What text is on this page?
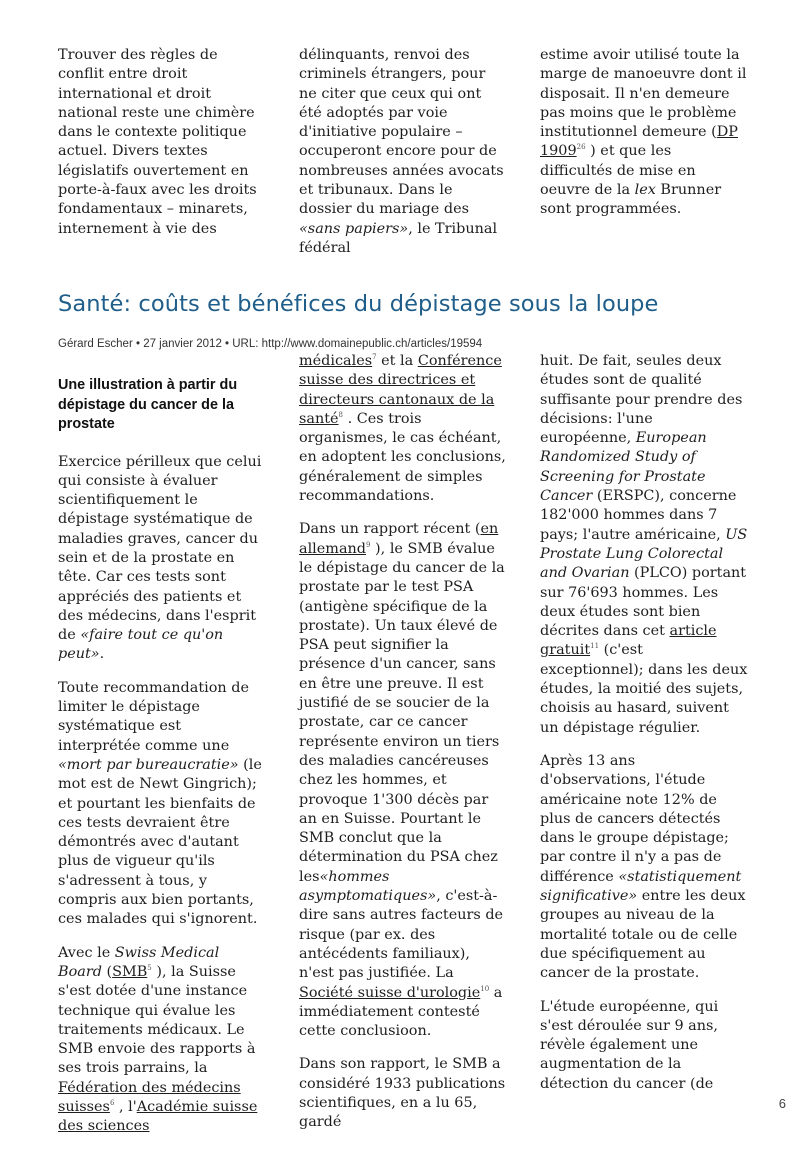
Trouver des règles de conflit entre droit international et droit national reste une chimère dans le contexte politique actuel. Divers textes législatifs ouvertement en porte-à-faux avec les droits fondamentaux – minarets, internement à vie des

délinquants, renvoi des criminels étrangers, pour ne citer que ceux qui ont été adoptés par voie d'initiative populaire – occuperont encore pour de nombreuses années avocats et tribunaux. Dans le dossier du mariage des «sans papiers», le Tribunal fédéral

estime avoir utilisé toute la marge de manoeuvre dont il disposait. Il n'en demeure pas moins que le problème institutionnel demeure (DP 1909$^{26}$ ) et que les difficultés de mise en oeuvre de la lex Brunner sont programmées.

Santé: coûts et bénéfices du dépistage sous la loupe

Gérard Escher • 27 janvier 2012 • URL: http://www.domainepublic.ch/articles/19594

Une illustration à partir du dépistage du cancer de la prostate

Exercice périlleux que celui qui consiste à évaluer scientifiquement le dépistage systématique de maladies graves, cancer du sein et de la prostate en tête. Car ces tests sont appréciés des patients et des médecins, dans l'esprit de «faire tout ce qu'on peut».

Toute recommandation de limiter le dépistage systématique est interprétée comme une «mort par bureaucratie» (le mot est de Newt Gingrich); et pourtant les bienfaits de ces tests devraient être démontrés avec d'autant plus de vigueur qu'ils s'adressent à tous, y compris aux bien portants, ces malades qui s'ignorent.

Avec le Swiss Medical Board (SMB$^5$ ), la Suisse s'est dotée d'une instance technique qui évalue les traitements médicaux. Le SMB envoie des rapports à ses trois parrains, la Fédération des médecins suisses$^6$ , l'Académie suisse des sciences

médicales$^7$ et la Conférence suisse des directrices et directeurs cantonaux de la santé$^8$ . Ces trois organismes, le cas échéant, en adoptent les conclusions, généralement de simples recommandations.

Dans un rapport récent (en allemand$^9$ ), le SMB évalue le dépistage du cancer de la prostate par le test PSA (antigène spécifique de la prostate). Un taux élevé de PSA peut signifier la présence d'un cancer, sans en être une preuve. Il est justifié de se soucier de la prostate, car ce cancer représente environ un tiers des maladies cancéreuses chez les hommes, et provoque 1'300 décès par an en Suisse. Pourtant le SMB conclut que la détermination du PSA chez les«hommes asymptomatiques», c'est-à-dire sans autres facteurs de risque (par ex. des antécédents familiaux), n'est pas justifiée. La Société suisse d'urologie$^{10}$ a immédiatement contesté cette conclusioon.

Dans son rapport, le SMB a considéré 1933 publications scientifiques, en a lu 65, gardé

huit. De fait, seules deux études sont de qualité suffisante pour prendre des décisions: l'une européenne, European Randomized Study of Screening for Prostate Cancer (ERSPC), concerne 182'000 hommes dans 7 pays; l'autre américaine, US Prostate Lung Colorectal and Ovarian (PLCO) portant sur 76'693 hommes. Les deux études sont bien décrites dans cet article gratuit$^{11}$ (c'est exceptionnel); dans les deux études, la moitié des sujets, choisis au hasard, suivent un dépistage régulier.

Après 13 ans d'observations, l'étude américaine note 12% de plus de cancers détectés dans le groupe dépistage; par contre il n'y a pas de différence «statistiquement significative» entre les deux groupes au niveau de la mortalité totale ou de celle due spécifiquement au cancer de la prostate.

L'étude européenne, qui s'est déroulée sur 9 ans, révèle également une augmentation de la détection du cancer (de

6
